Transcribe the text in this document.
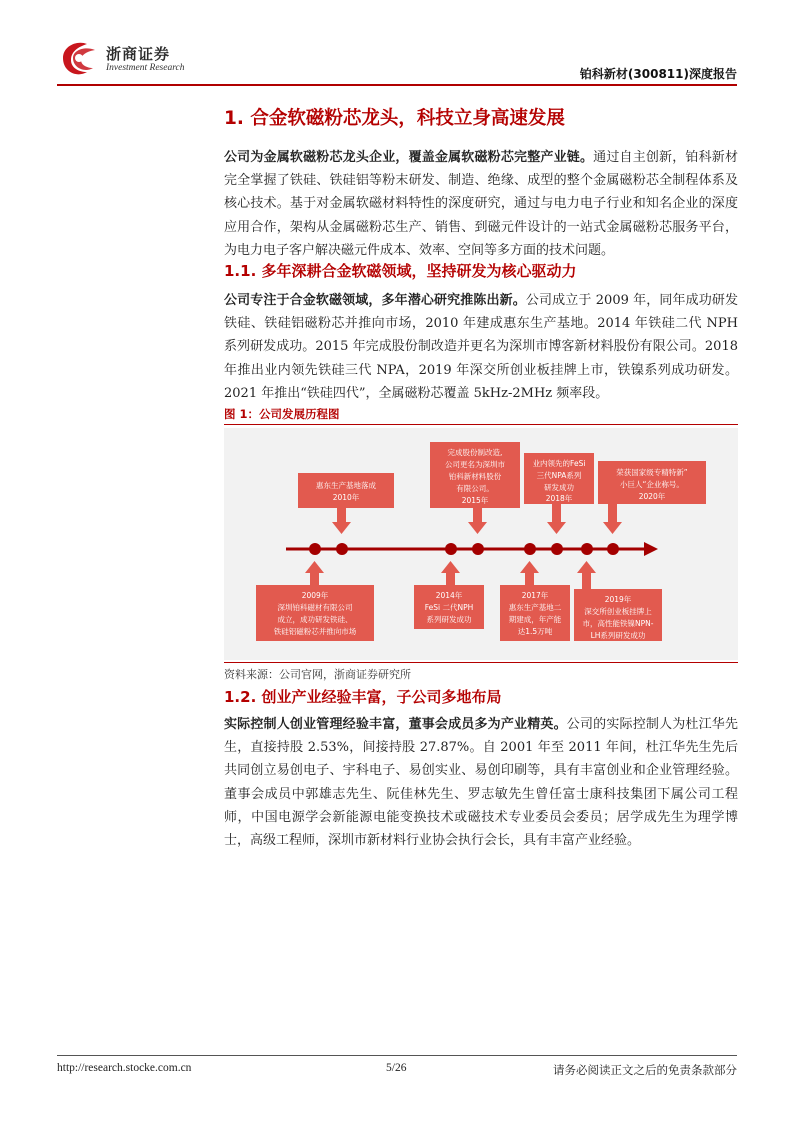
浙商证券
Investment Research	铂科新材(300811)深度报告
1. 合金软磁粉芯龙头，科技立身高速发展

公司为金属软磁粉芯龙头企业，覆盖金属软磁粉芯完整产业链。通过自主创新，铂科新材完全掌握了铁硅、铁硅铝等粉末研发、制造、绝缘、成型的整个金属磁粉芯全制程体系及核心技术。基于对金属软磁材料特性的深度研究，通过与电力电子行业和知名企业的深度应用合作，架构从金属磁粉芯生产、销售、到磁元件设计的一站式金属磁粉芯服务平台，为电力电子客户解决磁元件成本、效率、空间等多方面的技术问题。

1.1. 多年深耕合金软磁领域，坚持研发为核心驱动力

公司专注于合金软磁领域，多年潜心研究推陈出新。公司成立于 2009 年，同年成功研发铁硅、铁硅铝磁粉芯并推向市场，2010 年建成惠东生产基地。2014 年铁硅二代 NPH 系列研发成功。2015 年完成股份制改造并更名为深圳市博客新材料股份有限公司。2018 年推出业内领先铁硅三代 NPA，2019 年深交所创业板挂牌上市，铁镍系列成功研发。2021 年推出“铁硅四代”，全属磁粉芯覆盖 5kHz-2MHz 频率段。

图 1：公司发展历程图
惠东生产基地落成
2010年
完成股份制改造,
公司更名为深圳市
铂科新材料股份
有限公司。
2015年
业内领先的FeSi
三代NPA系列
研发成功
2018年
荣获国家级专精特新”
小巨人“企业称号。
2020年
2009年
深圳铂科磁材有限公司
成立，成功研发铁硅、
铁硅铝磁粉芯并推向市场
2014年
FeSi 二代NPH
系列研发成功
2017年
惠东生产基地二
期建成，年产能
达1.5万吨
2019年
深交所创业板挂牌上
市，高性能铁镍NPN-
LH系列研发成功
资料来源：公司官网，浙商证券研究所
1.2. 创业产业经验丰富，子公司多地布局

实际控制人创业管理经验丰富，董事会成员多为产业精英。公司的实际控制人为杜江华先生，直接持股 2.53%，间接持股 27.87%。自 2001 年至 2011 年间，杜江华先生先后共同创立易创电子、宇科电子、易创实业、易创印刷等，具有丰富创业和企业管理经验。董事会成员中郭雄志先生、阮佳林先生、罗志敏先生曾任富士康科技集团下属公司工程师，中国电源学会新能源电能变换技术或磁技术专业委员会委员；居学成先生为理学博士，高级工程师，深圳市新材料行业协会执行会长，具有丰富产业经验。

http://research.stocke.com.cn	5/26	请务必阅读正文之后的免责条款部分
